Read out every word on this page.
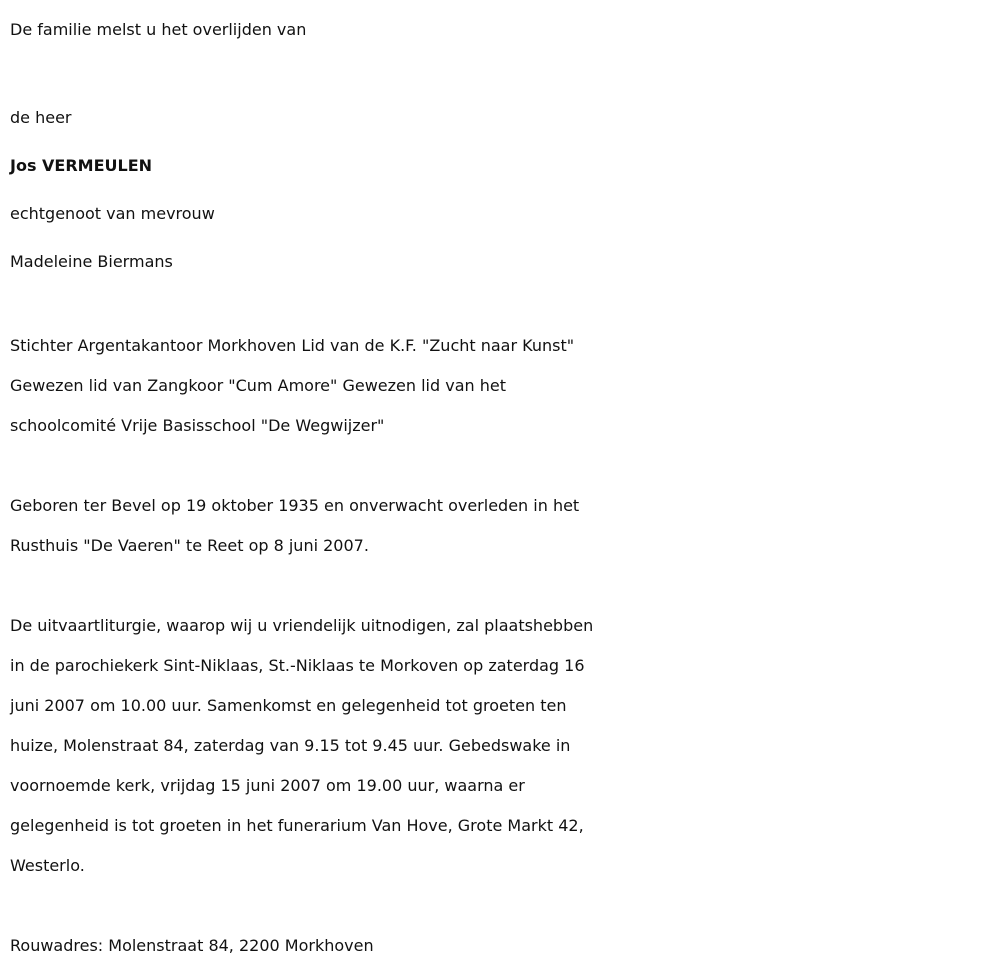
De familie melst u het overlijden van
de heer
Jos VERMEULEN
echtgenoot van mevrouw
Madeleine Biermans
Stichter Argentakantoor Morkhoven Lid van de K.F. "Zucht naar Kunst"
Gewezen lid van Zangkoor "Cum Amore" Gewezen lid van het
schoolcomité Vrije Basisschool "De Wegwijzer"
Geboren ter Bevel op 19 oktober 1935 en onverwacht overleden in het
Rusthuis "De Vaeren" te Reet op 8 juni 2007.
De uitvaartliturgie, waarop wij u vriendelijk uitnodigen, zal plaatshebben
in de parochiekerk Sint-Niklaas, St.-Niklaas te Morkoven op zaterdag 16
juni 2007 om 10.00 uur. Samenkomst en gelegenheid tot groeten ten
huize, Molenstraat 84, zaterdag van 9.15 tot 9.45 uur. Gebedswake in
voornoemde kerk, vrijdag 15 juni 2007 om 19.00 uur, waarna er
gelegenheid is tot groeten in het funerarium Van Hove, Grote Markt 42,
Westerlo.
Rouwadres: Molenstraat 84, 2200 Morkhoven
